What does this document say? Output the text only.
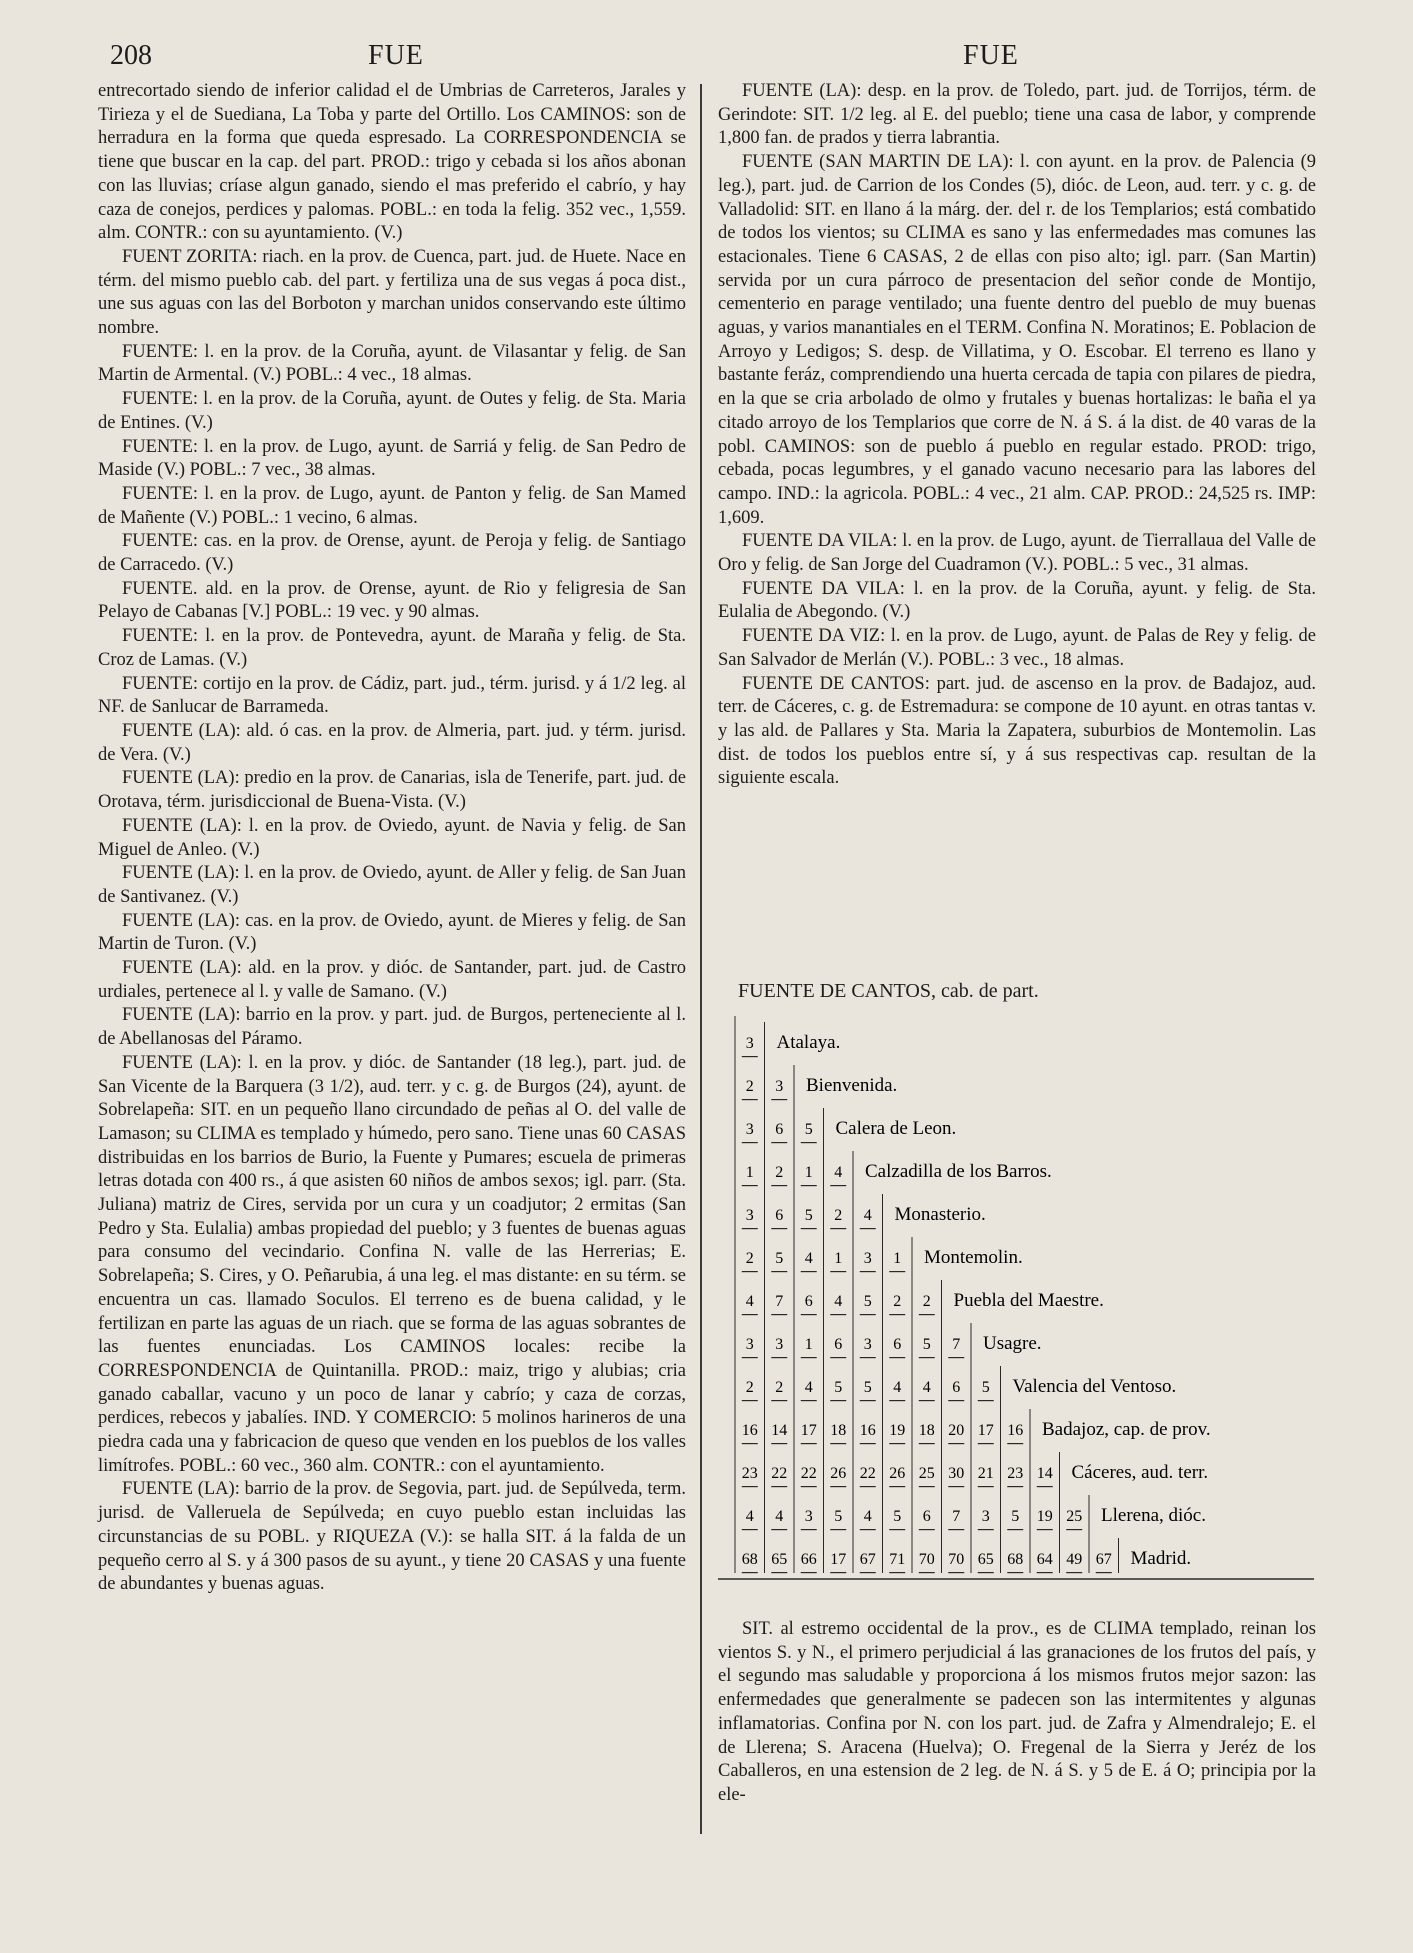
208	FUE	FUE

entrecortado siendo de inferior calidad el de Umbrias de Carreteros, Jarales y Tirieza y el de Suediana, La Toba y parte del Ortillo. Los CAMINOS: son de herradura en la forma que queda espresado. La CORRESPONDENCIA se tiene que buscar en la cap. del part. PROD.: trigo y cebada si los años abonan con las lluvias; críase algun ganado, siendo el mas preferido el cabrío, y hay caza de conejos, perdices y palomas. POBL.: en toda la felig. 352 vec., 1,559. alm. CONTR.: con su ayuntamiento. (V.)

FUENT ZORITA: riach. en la prov. de Cuenca, part. jud. de Huete. Nace en térm. del mismo pueblo cab. del part. y fertiliza una de sus vegas á poca dist., une sus aguas con las del Borboton y marchan unidos conservando este último nombre.

FUENTE: l. en la prov. de la Coruña, ayunt. de Vilasantar y felig. de San Martin de Armental. (V.) POBL.: 4 vec., 18 almas.

FUENTE: l. en la prov. de la Coruña, ayunt. de Outes y felig. de Sta. Maria de Entines. (V.)

FUENTE: l. en la prov. de Lugo, ayunt. de Sarriá y felig. de San Pedro de Maside (V.) POBL.: 7 vec., 38 almas.

FUENTE: l. en la prov. de Lugo, ayunt. de Panton y felig. de San Mamed de Mañente (V.) POBL.: 1 vecino, 6 almas.

FUENTE: cas. en la prov. de Orense, ayunt. de Peroja y felig. de Santiago de Carracedo. (V.)

FUENTE. ald. en la prov. de Orense, ayunt. de Rio y feligresia de San Pelayo de Cabanas [V.] POBL.: 19 vec. y 90 almas.

FUENTE: l. en la prov. de Pontevedra, ayunt. de Maraña y felig. de Sta. Croz de Lamas. (V.)

FUENTE: cortijo en la prov. de Cádiz, part. jud., térm. jurisd. y á 1/2 leg. al NF. de Sanlucar de Barrameda.

FUENTE (LA): ald. ó cas. en la prov. de Almeria, part. jud. y térm. jurisd. de Vera. (V.)

FUENTE (LA): predio en la prov. de Canarias, isla de Tenerife, part. jud. de Orotava, térm. jurisdiccional de Buena-Vista. (V.)

FUENTE (LA): l. en la prov. de Oviedo, ayunt. de Navia y felig. de San Miguel de Anleo. (V.)

FUENTE (LA): l. en la prov. de Oviedo, ayunt. de Aller y felig. de San Juan de Santivanez. (V.)

FUENTE (LA): cas. en la prov. de Oviedo, ayunt. de Mieres y felig. de San Martin de Turon. (V.)

FUENTE (LA): ald. en la prov. y dióc. de Santander, part. jud. de Castro urdiales, pertenece al l. y valle de Samano. (V.)

FUENTE (LA): barrio en la prov. y part. jud. de Burgos, perteneciente al l. de Abellanosas del Páramo.

FUENTE (LA): l. en la prov. y dióc. de Santander (18 leg.), part. jud. de San Vicente de la Barquera (3 1/2), aud. terr. y c. g. de Burgos (24), ayunt. de Sobrelapeña: SIT. en un pequeño llano circundado de peñas al O. del valle de Lamason; su CLIMA es templado y húmedo, pero sano. Tiene unas 60 CASAS distribuidas en los barrios de Burio, la Fuente y Pumares; escuela de primeras letras dotada con 400 rs., á que asisten 60 niños de ambos sexos; igl. parr. (Sta. Juliana) matriz de Cires, servida por un cura y un coadjutor; 2 ermitas (San Pedro y Sta. Eulalia) ambas propiedad del pueblo; y 3 fuentes de buenas aguas para consumo del vecindario. Confina N. valle de las Herrerias; E. Sobrelapeña; S. Cires, y O. Peñarubia, á una leg. el mas distante: en su térm. se encuentra un cas. llamado Soculos. El terreno es de buena calidad, y le fertilizan en parte las aguas de un riach. que se forma de las aguas sobrantes de las fuentes enunciadas. Los CAMINOS locales: recibe la CORRESPONDENCIA de Quintanilla. PROD.: maiz, trigo y alubias; cria ganado caballar, vacuno y un poco de lanar y cabrío; y caza de corzas, perdices, rebecos y jabalíes. IND. Y COMERCIO: 5 molinos harineros de una piedra cada una y fabricacion de queso que venden en los pueblos de los valles limítrofes. POBL.: 60 vec., 360 alm. CONTR.: con el ayuntamiento.

FUENTE (LA): barrio de la prov. de Segovia, part. jud. de Sepúlveda, term. jurisd. de Valleruela de Sepúlveda; en cuyo pueblo estan incluidas las circunstancias de su POBL. y RIQUEZA (V.): se halla SIT. á la falda de un pequeño cerro al S. y á 300 pasos de su ayunt., y tiene 20 CASAS y una fuente de abundantes y buenas aguas.

FUENTE (LA): desp. en la prov. de Toledo, part. jud. de Torrijos, térm. de Gerindote: SIT. 1/2 leg. al E. del pueblo; tiene una casa de labor, y comprende 1,800 fan. de prados y tierra labrantia.

FUENTE (SAN MARTIN DE LA): l. con ayunt. en la prov. de Palencia (9 leg.), part. jud. de Carrion de los Condes (5), dióc. de Leon, aud. terr. y c. g. de Valladolid: SIT. en llano á la márg. der. del r. de los Templarios; está combatido de todos los vientos; su CLIMA es sano y las enfermedades mas comunes las estacionales. Tiene 6 CASAS, 2 de ellas con piso alto; igl. parr. (San Martin) servida por un cura párroco de presentacion del señor conde de Montijo, cementerio en parage ventilado; una fuente dentro del pueblo de muy buenas aguas, y varios manantiales en el TERM. Confina N. Moratinos; E. Poblacion de Arroyo y Ledigos; S. desp. de Villatima, y O. Escobar. El terreno es llano y bastante feráz, comprendiendo una huerta cercada de tapia con pilares de piedra, en la que se cria arbolado de olmo y frutales y buenas hortalizas: le baña el ya citado arroyo de los Templarios que corre de N. á S. á la dist. de 40 varas de la pobl. CAMINOS: son de pueblo á pueblo en regular estado. PROD: trigo, cebada, pocas legumbres, y el ganado vacuno necesario para las labores del campo. IND.: la agricola. POBL.: 4 vec., 21 alm. CAP. PROD.: 24,525 rs. IMP: 1,609.

FUENTE DA VILA: l. en la prov. de Lugo, ayunt. de Tierrallaua del Valle de Oro y felig. de San Jorge del Cuadramon (V.). POBL.: 5 vec., 31 almas.

FUENTE DA VILA: l. en la prov. de la Coruña, ayunt. y felig. de Sta. Eulalia de Abegondo. (V.)

FUENTE DA VIZ: l. en la prov. de Lugo, ayunt. de Palas de Rey y felig. de San Salvador de Merlán (V.). POBL.: 3 vec., 18 almas.

FUENTE DE CANTOS: part. jud. de ascenso en la prov. de Badajoz, aud. terr. de Cáceres, c. g. de Estremadura: se compone de 10 ayunt. en otras tantas v. y las ald. de Pallares y Sta. Maria la Zapatera, suburbios de Montemolin. Las dist. de todos los pueblos entre sí, y á sus respectivas cap. resultan de la siguiente escala.

FUENTE DE CANTOS, cab. de part.
3 Atalaya.
2 3 Bienvenida.
3 6 5 Calera de Leon.
1 2 1 4 Calzadilla de los Barros.
3 6 5 2 4 Monasterio.
2 5 4 1 3 1 Montemolin.
4 7 6 4 5 2 2 Puebla del Maestre.
3 3 1 6 3 6 5 7 Usagre.
2 2 4 5 5 4 4 6 5 Valencia del Ventoso.
16 14 17 18 16 19 18 20 17 16 Badajoz, cap. de prov.
23 22 22 26 22 26 25 30 21 23 14 Cáceres, aud. terr.
4 4 3 5 4 5 6 7 3 5 19 25 Llerena, dióc.
68 65 66 17 67 71 70 70 65 68 64 49 67 Madrid.

SIT. al estremo occidental de la prov., es de CLIMA templado, reinan los vientos S. y N., el primero perjudicial á las granaciones de los frutos del país, y el segundo mas saludable y proporciona á los mismos frutos mejor sazon: las enfermedades que generalmente se padecen son las intermitentes y algunas inflamatorias. Confina por N. con los part. jud. de Zafra y Almendralejo; E. el de Llerena; S. Aracena (Huelva); O. Fregenal de la Sierra y Jeréz de los Caballeros, en una estension de 2 leg. de N. á S. y 5 de E. á O; principia por la ele-
